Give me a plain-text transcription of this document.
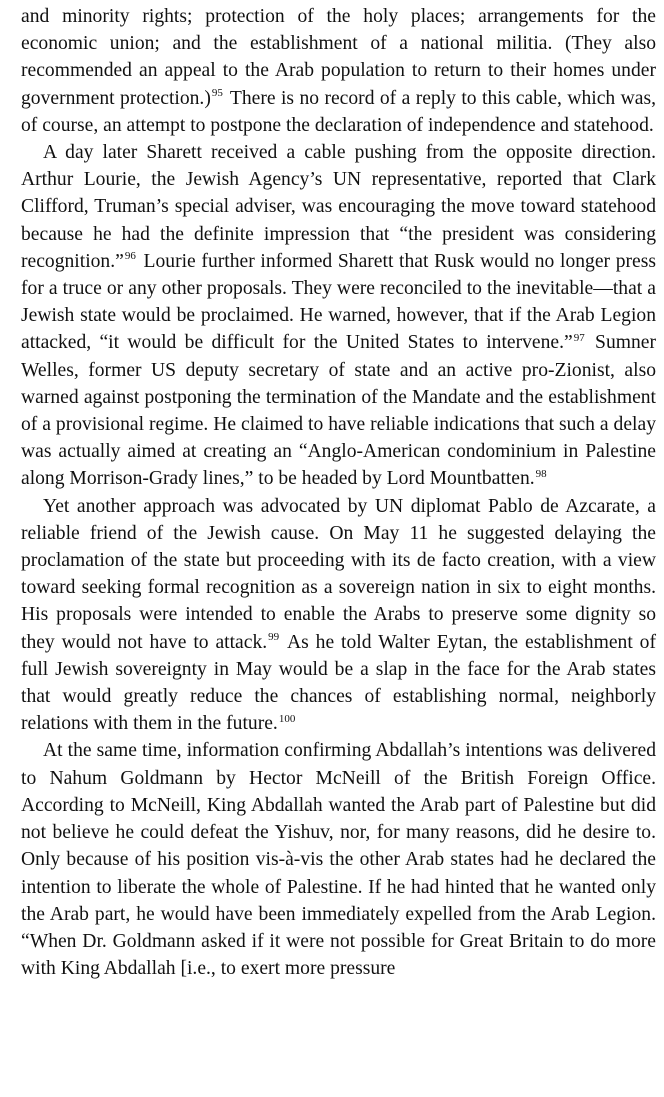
and minority rights; protection of the holy places; arrangements for the economic union; and the establishment of a national militia. (They also recommended an appeal to the Arab population to return to their homes under government protection.)$^{95}$ There is no record of a reply to this cable, which was, of course, an attempt to postpone the declaration of independence and statehood.

A day later Sharett received a cable pushing from the opposite direction. Arthur Lourie, the Jewish Agency’s UN representative, reported that Clark Clifford, Truman’s special adviser, was encouraging the move toward statehood because he had the definite impression that “the president was considering recognition.”$^{96}$ Lourie further informed Sharett that Rusk would no longer press for a truce or any other proposals. They were reconciled to the inevitable—that a Jewish state would be proclaimed. He warned, however, that if the Arab Legion attacked, “it would be difficult for the United States to intervene.”$^{97}$ Sumner Welles, former US deputy secretary of state and an active pro-Zionist, also warned against postponing the termination of the Mandate and the establishment of a provisional regime. He claimed to have reliable indications that such a delay was actually aimed at creating an “Anglo-American condominium in Palestine along Morrison-Grady lines,” to be headed by Lord Mountbatten.$^{98}$

Yet another approach was advocated by UN diplomat Pablo de Azcarate, a reliable friend of the Jewish cause. On May 11 he suggested delaying the proclamation of the state but proceeding with its de facto creation, with a view toward seeking formal recognition as a sovereign nation in six to eight months. His proposals were intended to enable the Arabs to preserve some dignity so they would not have to attack.$^{99}$ As he told Walter Eytan, the establishment of full Jewish sovereignty in May would be a slap in the face for the Arab states that would greatly reduce the chances of establishing normal, neighborly relations with them in the future.$^{100}$

At the same time, information confirming Abdallah’s intentions was delivered to Nahum Goldmann by Hector McNeill of the British Foreign Office. According to McNeill, King Abdallah wanted the Arab part of Palestine but did not believe he could defeat the Yishuv, nor, for many reasons, did he desire to. Only because of his position vis-à-vis the other Arab states had he declared the intention to liberate the whole of Palestine. If he had hinted that he wanted only the Arab part, he would have been immediately expelled from the Arab Legion. “When Dr. Goldmann asked if it were not possible for Great Britain to do more with King Abdallah [i.e., to exert more pressure
